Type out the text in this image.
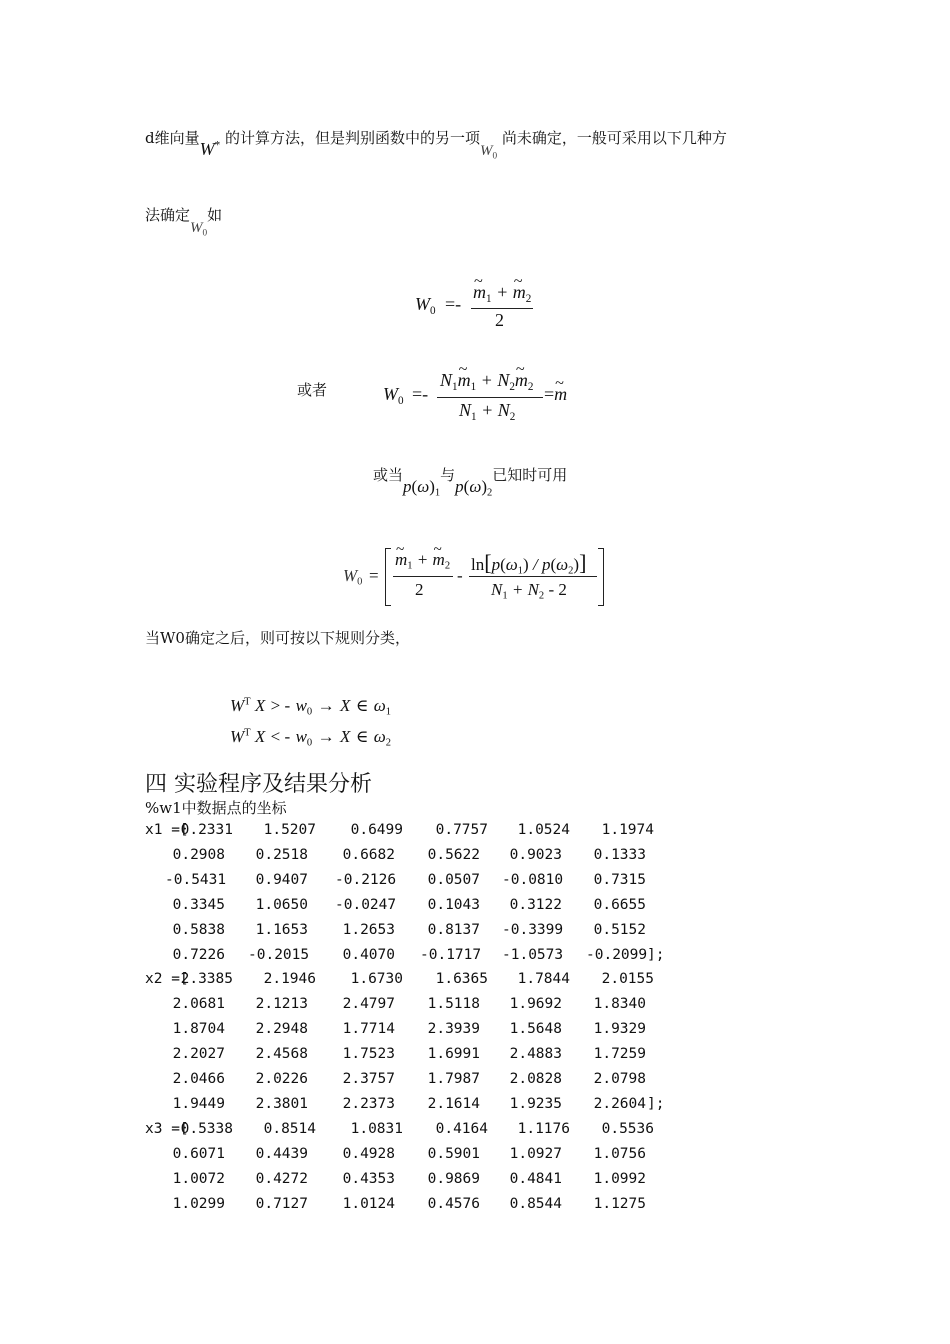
d维向量W* 的计算方法，但是判别函数中的另一项$W_0$ 尚未确定，一般可采用以下几种方
法确定$W_0$如
$W_0$ =-
~ $m_1$ + ~ $m_2$
2
或者	$W_0$ =-
$N_1\sim$ $m_1$ + $N_2\sim$ $m_2$
$N_1 + N_2$
=~ m
或当$p(\omega)_1$与$p(\omega)_2$已知时可用
$W_0$ =
~ $m_1$ + ~ $m_2$
2
-
$\ln[p(\omega_1) / p(\omega_2)]$
$N_1 + N_2 - 2$
当W0确定之后，则可按以下规则分类，
$W^T$ X > - $w_0 \to X$ ∈ $\omega_1$
$W^T$ X < - $w_0 \to X$ ∈ $\omega_2$
四 实验程序及结果分析
%w1中数据点的坐标
x1 =[
0.2331	1.5207	0.6499	0.7757	1.0524	1.1974
0.2908	0.2518	0.6682	0.5622	0.9023	0.1333
-0.5431	0.9407 -0.2126	0.0507 -0.0810	0.7315
0.3345	1.0650 -0.0247	0.1043	0.3122	0.6655
0.5838	1.1653	1.2653	0.8137 -0.3399	0.5152
0.7226 -0.2015	0.4070 -0.1717 -1.0573 -0.2099 ];
x2 =[
2.3385	2.1946	1.6730	1.6365	1.7844	2.0155
2.0681	2.1213	2.4797	1.5118	1.9692	1.8340
1.8704	2.2948	1.7714	2.3939	1.5648	1.9329
2.2027	2.4568	1.7523	1.6991	2.4883	1.7259
2.0466	2.0226	2.3757	1.7987	2.0828	2.0798
1.9449	2.3801	2.2373	2.1614	1.9235	2.2604 ];
x3 =[
0.5338	0.8514	1.0831	0.4164	1.1176	0.5536
0.6071	0.4439	0.4928	0.5901	1.0927	1.0756
1.0072	0.4272	0.4353	0.9869	0.4841	1.0992
1.0299	0.7127	1.0124	0.4576	0.8544	1.1275
